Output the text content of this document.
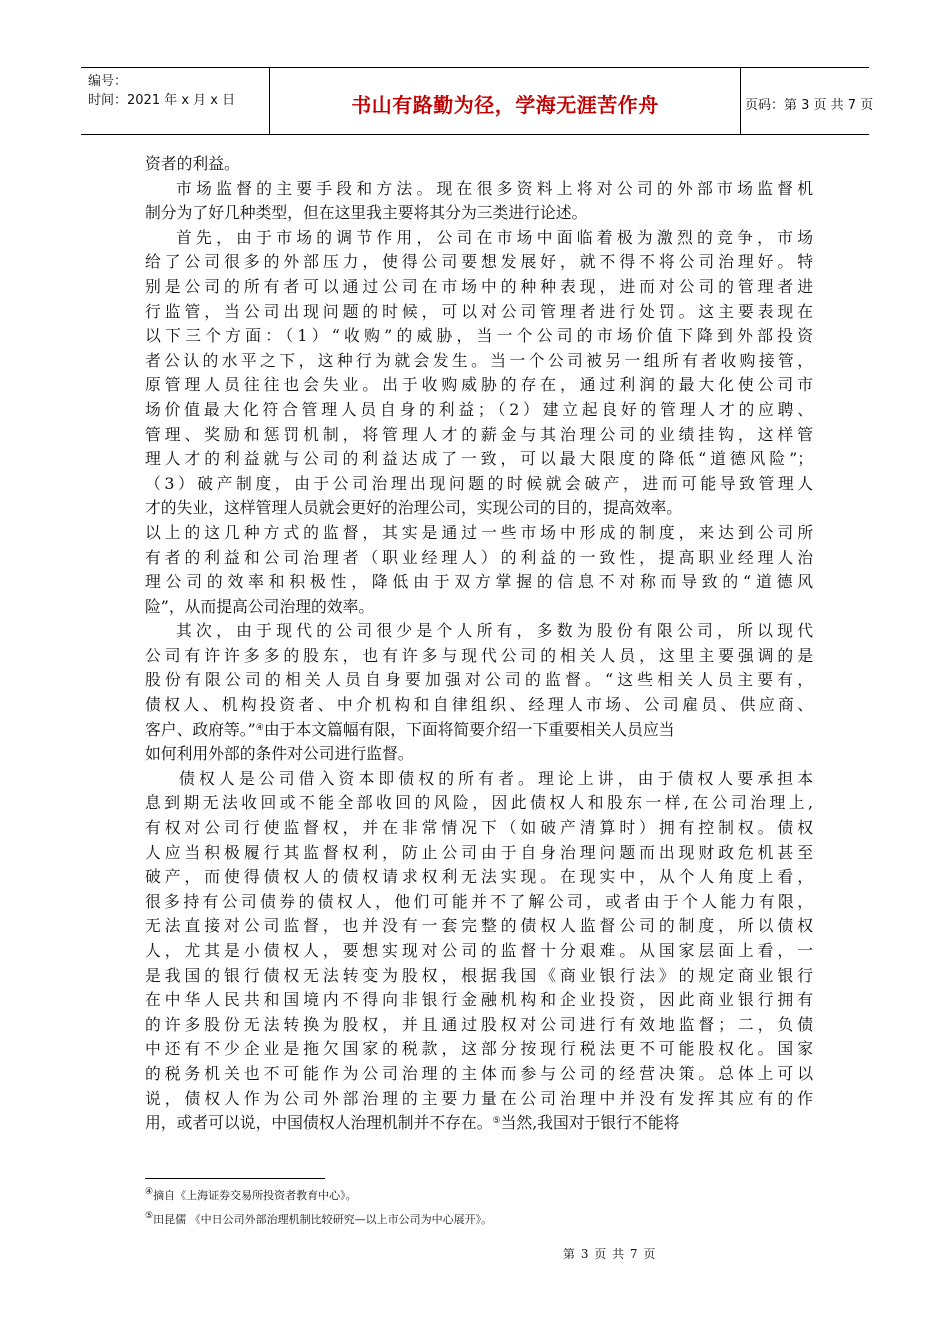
编号：
时间：2021 年 x 月 x 日	书山有路勤为径，学海无涯苦作舟	页码：第 3 页 共 7 页
资者的利益。
市场监督的主要手段和方法。现在很多资料上将对公司的外部市场监督机
制分为了好几种类型，但在这里我主要将其分为三类进行论述。
首先，由于市场的调节作用，公司在市场中面临着极为激烈的竞争，市场
给了公司很多的外部压力，使得公司要想发展好，就不得不将公司治理好。特
别是公司的所有者可以通过公司在市场中的种种表现，进而对公司的管理者进
行监管，当公司出现问题的时候，可以对公司管理者进行处罚。这主要表现在
以下三个方面：（1）“收购”的威胁，当一个公司的市场价值下降到外部投资
者公认的水平之下，这种行为就会发生。当一个公司被另一组所有者收购接管，
原管理人员往往也会失业。出于收购威胁的存在，通过利润的最大化使公司市
场价值最大化符合管理人员自身的利益；（2）建立起良好的管理人才的应聘、
管理、奖励和惩罚机制，将管理人才的薪金与其治理公司的业绩挂钩，这样管
理人才的利益就与公司的利益达成了一致，可以最大限度的降低“道德风险”；
（3）破产制度，由于公司治理出现问题的时候就会破产，进而可能导致管理人
才的失业，这样管理人员就会更好的治理公司，实现公司的目的，提高效率。
以上的这几种方式的监督，其实是通过一些市场中形成的制度，来达到公司所
有者的利益和公司治理者（职业经理人）的利益的一致性，提高职业经理人治
理公司的效率和积极性，降低由于双方掌握的信息不对称而导致的“道德风
险”，从而提高公司治理的效率。
其次，由于现代的公司很少是个人所有，多数为股份有限公司，所以现代
公司有许许多多的股东，也有许多与现代公司的相关人员，这里主要强调的是
股份有限公司的相关人员自身要加强对公司的监督。“这些相关人员主要有，
债权人、机构投资者、中介机构和自律组织、经理人市场、公司雇员、供应商、
客户、政府等。”④由于本文篇幅有限，下面将简要介绍一下重要相关人员应当
如何利用外部的条件对公司进行监督。
债权人是公司借入资本即债权的所有者。理论上讲，由于债权人要承担本
息到期无法收回或不能全部收回的风险，因此债权人和股东一样,在公司治理上,
有权对公司行使监督权，并在非常情况下（如破产清算时）拥有控制权。债权
人应当积极履行其监督权利，防止公司由于自身治理问题而出现财政危机甚至
破产，而使得债权人的债权请求权利无法实现。在现实中，从个人角度上看，
很多持有公司债券的债权人，他们可能并不了解公司，或者由于个人能力有限，
无法直接对公司监督，也并没有一套完整的债权人监督公司的制度，所以债权
人，尤其是小债权人，要想实现对公司的监督十分艰难。从国家层面上看，一
是我国的银行债权无法转变为股权，根据我国《商业银行法》的规定商业银行
在中华人民共和国境内不得向非银行金融机构和企业投资，因此商业银行拥有
的许多股份无法转换为股权，并且通过股权对公司进行有效地监督；二，负债
中还有不少企业是拖欠国家的税款，这部分按现行税法更不可能股权化。国家
的税务机关也不可能作为公司治理的主体而参与公司的经营决策。总体上可以
说，债权人作为公司外部治理的主要力量在公司治理中并没有发挥其应有的作
用，或者可以说，中国债权人治理机制并不存在。⑤当然,我国对于银行不能将
④摘自《上海证券交易所投资者教育中心》。
⑤田昆儒 《中日公司外部治理机制比较研究—以上市公司为中心展开》。
第 3 页 共 7 页
